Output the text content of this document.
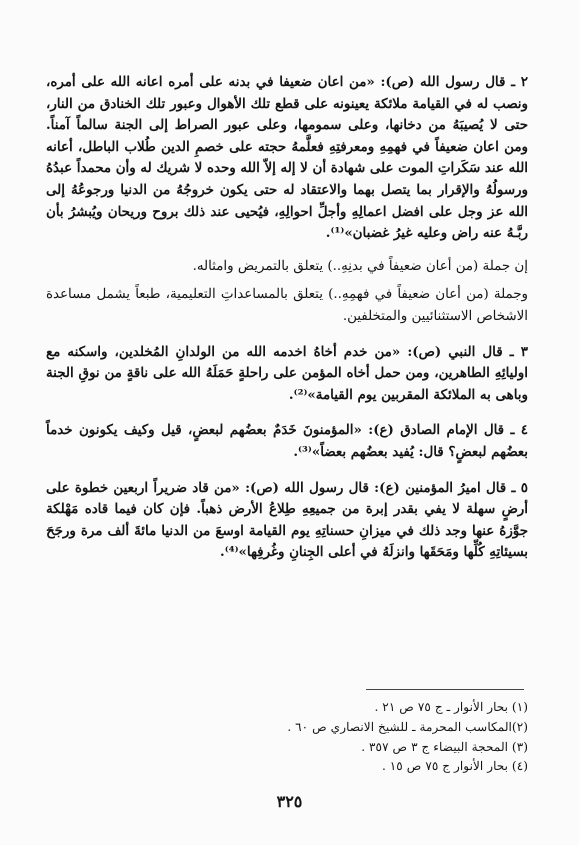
٢ ـ قال رسول الله (ص): «من اعان ضعيفا في بدنه على أمره اعانه الله على أمره، ونصب له في القيامة ملائكة يعينونه على قطع تلك الأهوال وعبور تلك الخنادق من النار، حتى لا يُصيبَهُ من دخانها، وعلى سمومها، وعلى عبور الصراط إلى الجنة سالماً آمناً. ومن اعان ضعيفاً في فهمِهِ ومعرفتِهِ فعلَّمهُ حجته على خصمِ الدين طُلاب الباطل، أعانه الله عند سَكَراتِ الموت على شهادة أن لا إله إلاّ الله وحده لا شريك له وأن محمداً عبدُهُ ورسولُهُ والإقرار بما يتصل بهما والاعتقاد له حتى يكون خروجُهُ من الدنيا ورجوعُهُ إلى الله عز وجل على افضل اعمالِهِ وأجلِّ احوالِهِ، فيُحيى عند ذلك بروح وريحان ويُبشرُ بأن ربَّـهُ عنه راض وعليه غيرُ غضبان»⁽¹⁾.

إن جملة (من أعان ضعيفاً في بدنِهِ..) يتعلق بالتمريض وامثاله.

وجملة (من أعان ضعيفاً في فهمِهِ..) يتعلق بالمساعداتِ التعليمية، طبعاً يشمل مساعدة الاشخاص الاستثنائيين والمتخلفين.

٣ ـ قال النبي (ص): «من خدم أخاهُ اخدمه الله من الولدانِ المُخلدين، واسكنه مع اوليائِهِ الطاهرين، ومن حمل أخاه المؤمن على راحلةٍ حَمَلَهُ الله على ناقةٍ من نوقِ الجنة وباهى به الملائكة المقربين يوم القيامة»⁽²⁾.

٤ ـ قال الإمام الصادق (ع): «المؤمنونَ خَدَمٌ بعضُهم لبعضٍ، قيل وكيف يكونون خدماً بعضُهم لبعضٍ؟ قال: يُفيد بعضُهم بعضاً»⁽³⁾.

٥ ـ قال اميرُ المؤمنين (ع): قال رسول الله (ص): «من قاد ضريراً اربعين خطوة على أرضٍ سهلة لا يفي بقدر إبرة من جميعِهِ طِلاعُ الأرض ذهباً. فإن كان فيما قاده مَهْلكة جوَّزهُ عنها وجد ذلك في ميزانِ حسناتِهِ يوم القيامة اوسعَ من الدنيا مائةَ ألف مرة ورجَحَ بسيئاتِهِ كُلِّها ومَحَقَها وانزلَهُ في أعلى الجِنانِ وغُرفِها»⁽⁴⁾.

(١) بحار الأنوار ـ ج ٧٥ ص ٢١ .

(٢)المكاسب المحرمة ـ للشيخ الانصاري ص ٦٠ .

(٣) المحجة البيضاء ج ٣ ص ٣٥٧ .

(٤) بحار الأنوار ج ٧٥ ص ١٥ .

٣٢٥
